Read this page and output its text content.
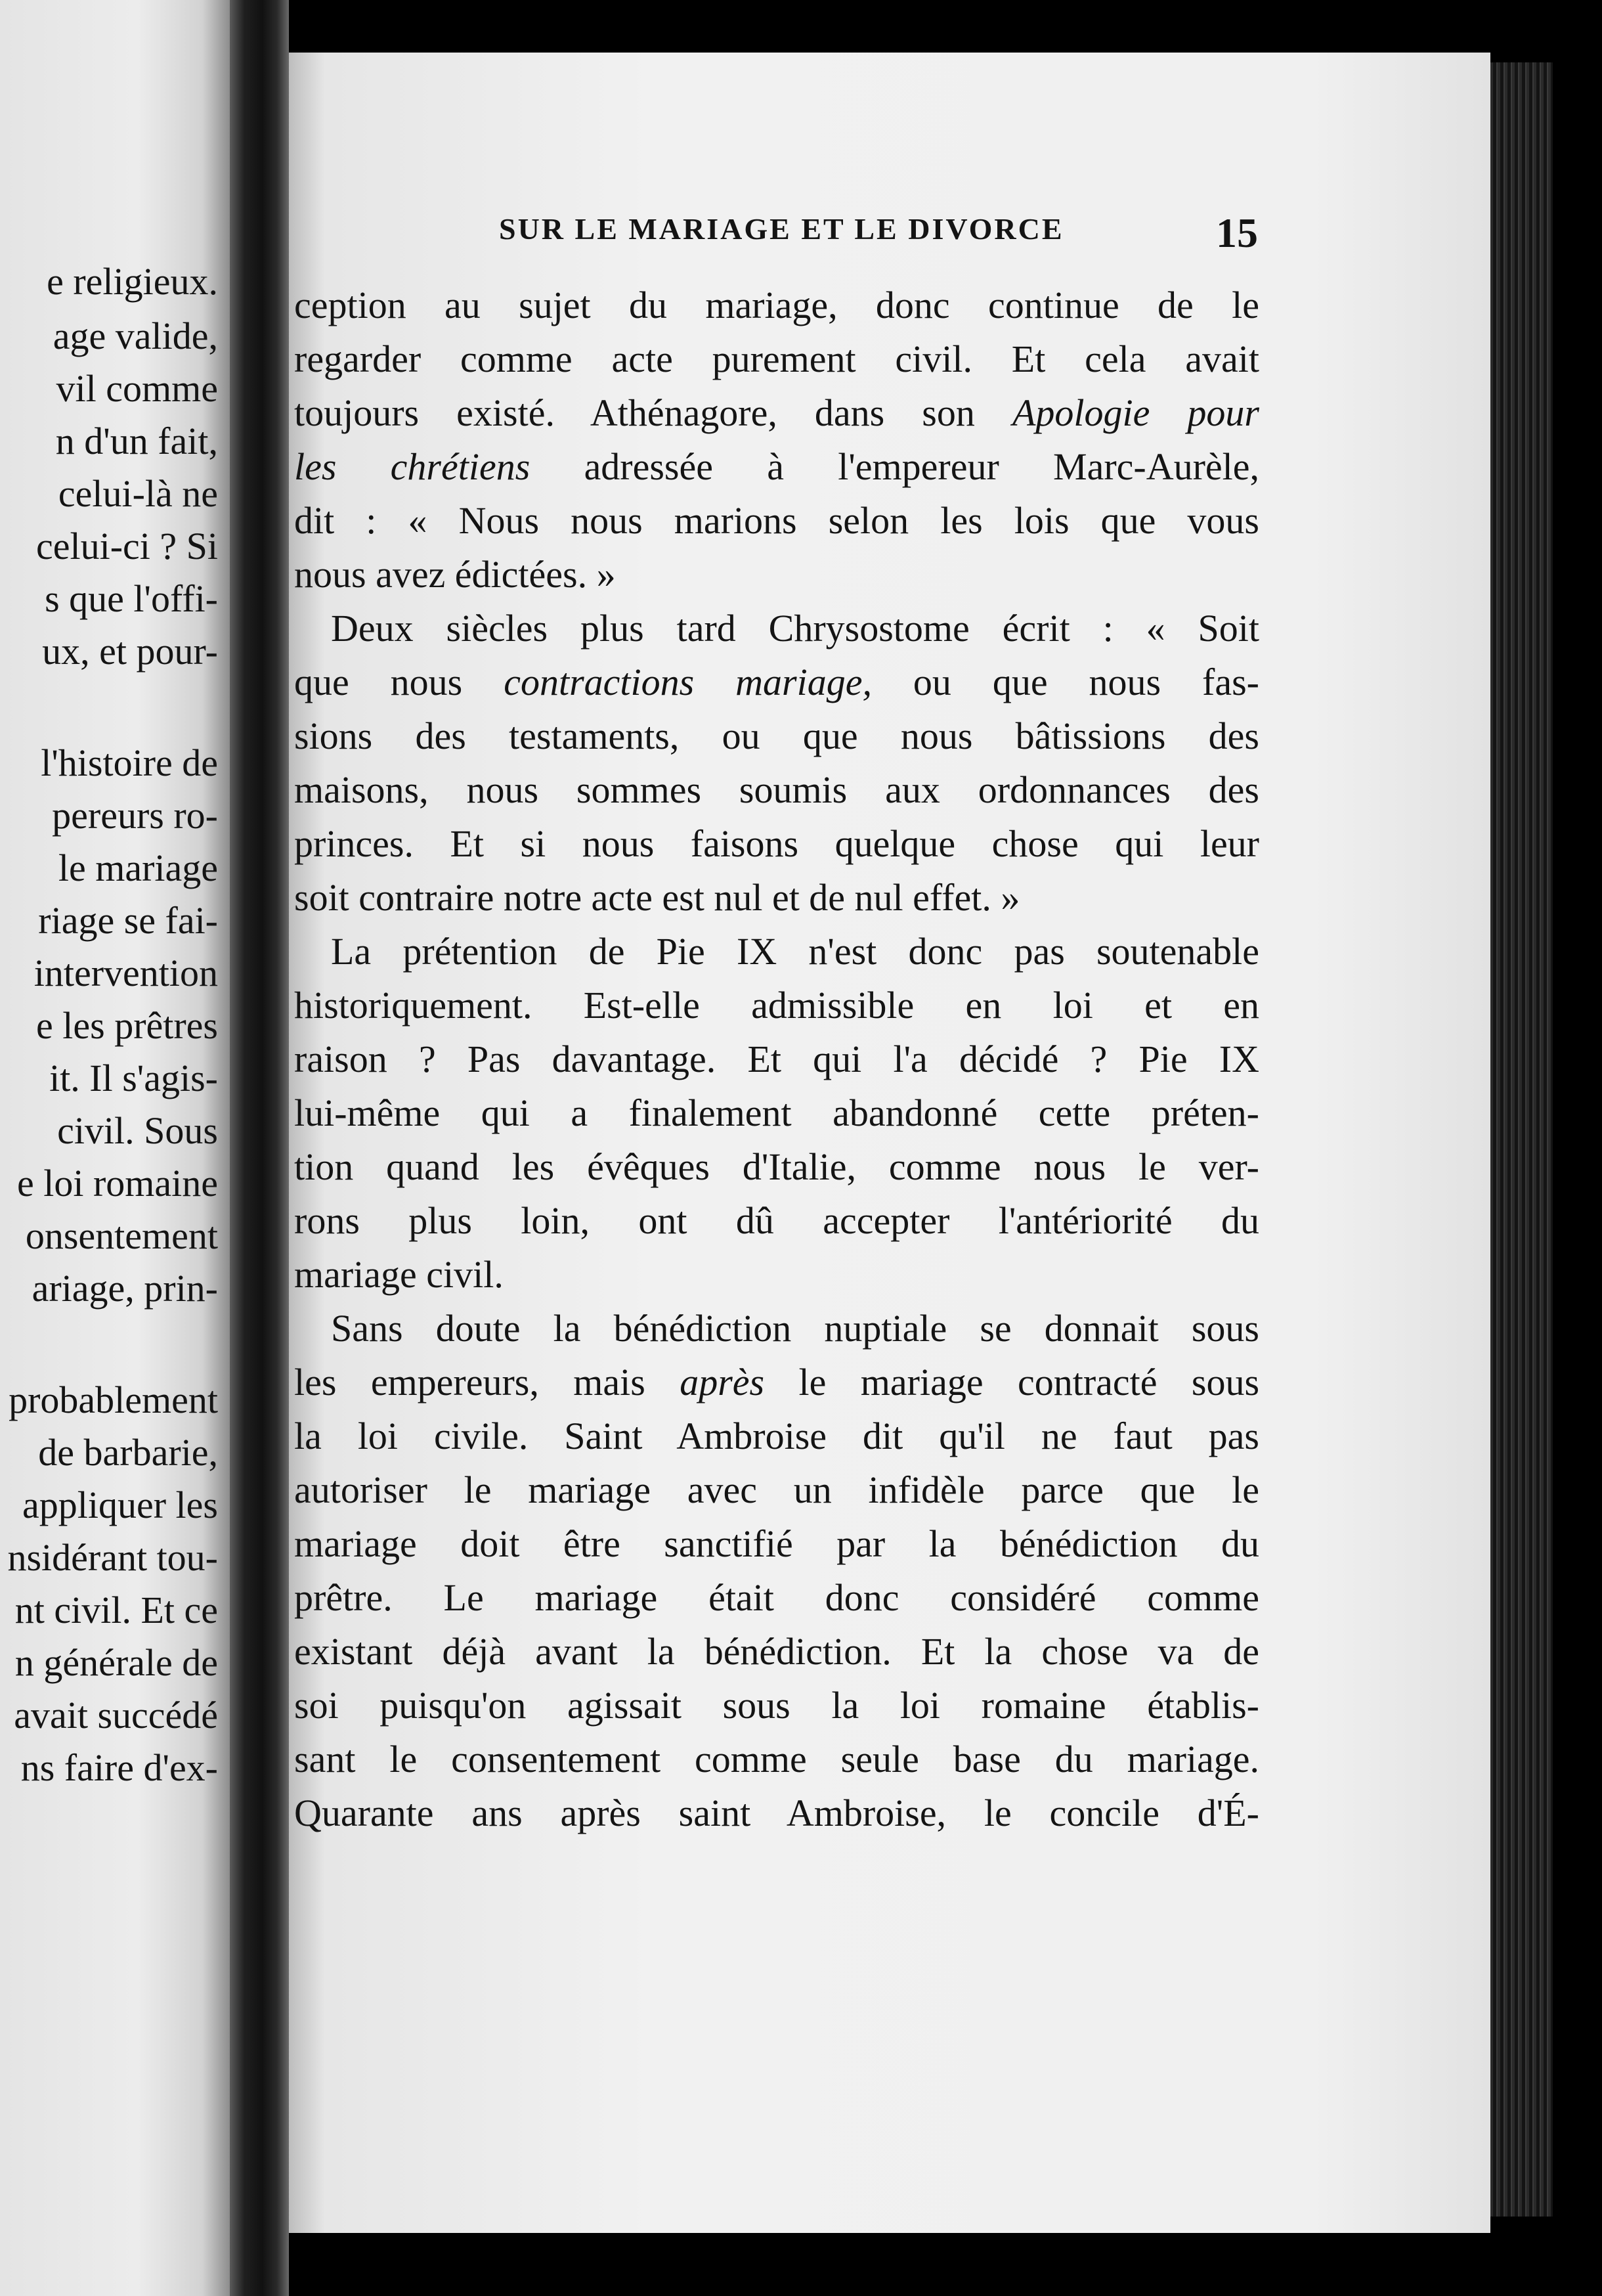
e religieux.
age valide,
vil comme
n d'un fait,
celui-là ne
celui-ci ? Si
s que l'offi-
ux, et pour-
l'histoire de
pereurs ro-
le mariage
riage se fai-
intervention
e les prêtres
it. Il s'agis-
civil. Sous
e loi romaine
onsentement
ariage, prin-
probablement
de barbarie,
appliquer les
nsidérant tou-
nt civil. Et ce
n générale de
avait succédé
ns faire d'ex-
SUR LE MARIAGE ET LE DIVORCE	15
ception au sujet du mariage, donc continue de le
regarder comme acte purement civil. Et cela avait
toujours existé. Athénagore, dans son Apologie pour
les chrétiens adressée à l'empereur Marc-Aurèle,
dit : « Nous nous marions selon les lois que vous
nous avez édictées. »
Deux siècles plus tard Chrysostome écrit : « Soit
que nous contractions mariage, ou que nous fas-
sions des testaments, ou que nous bâtissions des
maisons, nous sommes soumis aux ordonnances des
princes. Et si nous faisons quelque chose qui leur
soit contraire notre acte est nul et de nul effet. »
La prétention de Pie IX n'est donc pas soutenable
historiquement. Est-elle admissible en loi et en
raison ? Pas davantage. Et qui l'a décidé ? Pie IX
lui-même qui a finalement abandonné cette préten-
tion quand les évêques d'Italie, comme nous le ver-
rons plus loin, ont dû accepter l'antériorité du
mariage civil.
Sans doute la bénédiction nuptiale se donnait sous
les empereurs, mais après le mariage contracté sous
la loi civile. Saint Ambroise dit qu'il ne faut pas
autoriser le mariage avec un infidèle parce que le
mariage doit être sanctifié par la bénédiction du
prêtre. Le mariage était donc considéré comme
existant déjà avant la bénédiction. Et la chose va de
soi puisqu'on agissait sous la loi romaine établis-
sant le consentement comme seule base du mariage.
Quarante ans après saint Ambroise, le concile d'É-
